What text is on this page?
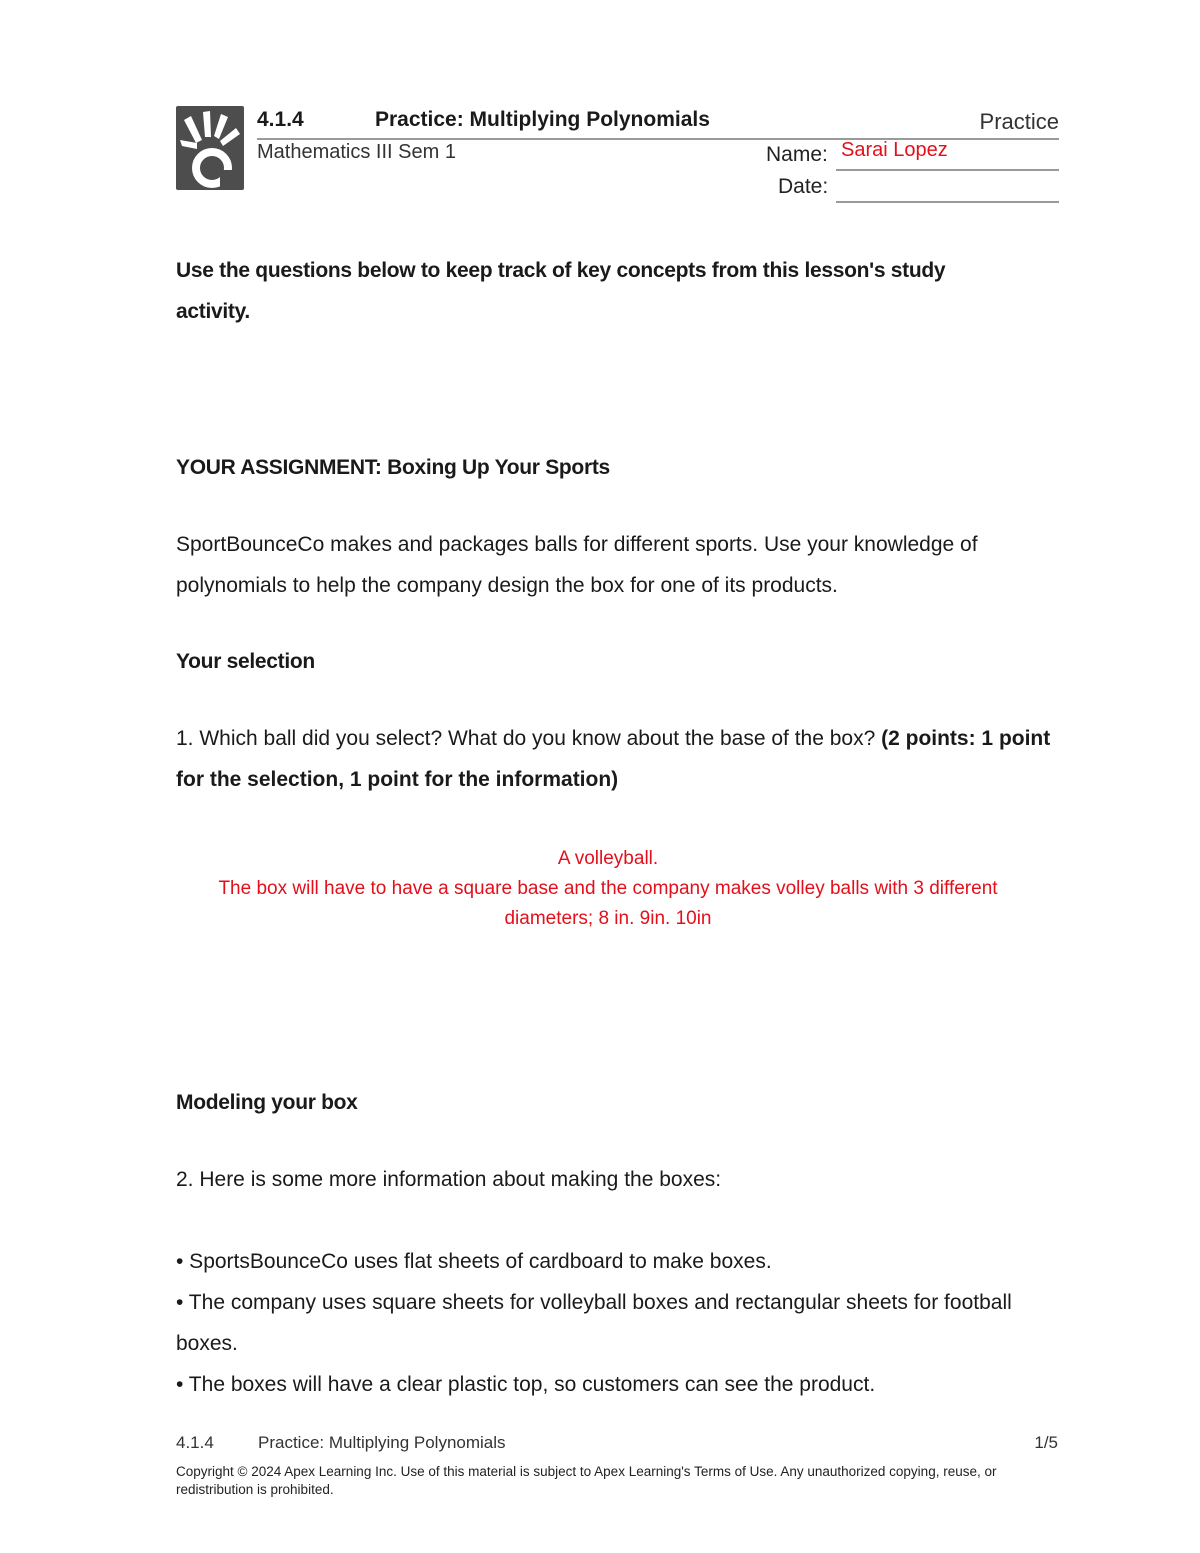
4.1.4	Practice: Multiplying Polynomials	Practice
Mathematics III Sem 1	Name: Sarai Lopez
Date:
Use the questions below to keep track of key concepts from this lesson's study activity.
YOUR ASSIGNMENT: Boxing Up Your Sports
SportBounceCo makes and packages balls for different sports. Use your knowledge of polynomials to help the company design the box for one of its products.
Your selection
1. Which ball did you select? What do you know about the base of the box? (2 points: 1 point for the selection, 1 point for the information)
A volleyball.
The box will have to have a square base and the company makes volley balls with 3 different diameters; 8 in. 9in. 10in
Modeling your box
2. Here is some more information about making the boxes:
• SportsBounceCo uses flat sheets of cardboard to make boxes.
• The company uses square sheets for volleyball boxes and rectangular sheets for football boxes.
• The boxes will have a clear plastic top, so customers can see the product.
4.1.4	Practice: Multiplying Polynomials	1/5
Copyright © 2024 Apex Learning Inc. Use of this material is subject to Apex Learning's Terms of Use. Any unauthorized copying, reuse, or redistribution is prohibited.
